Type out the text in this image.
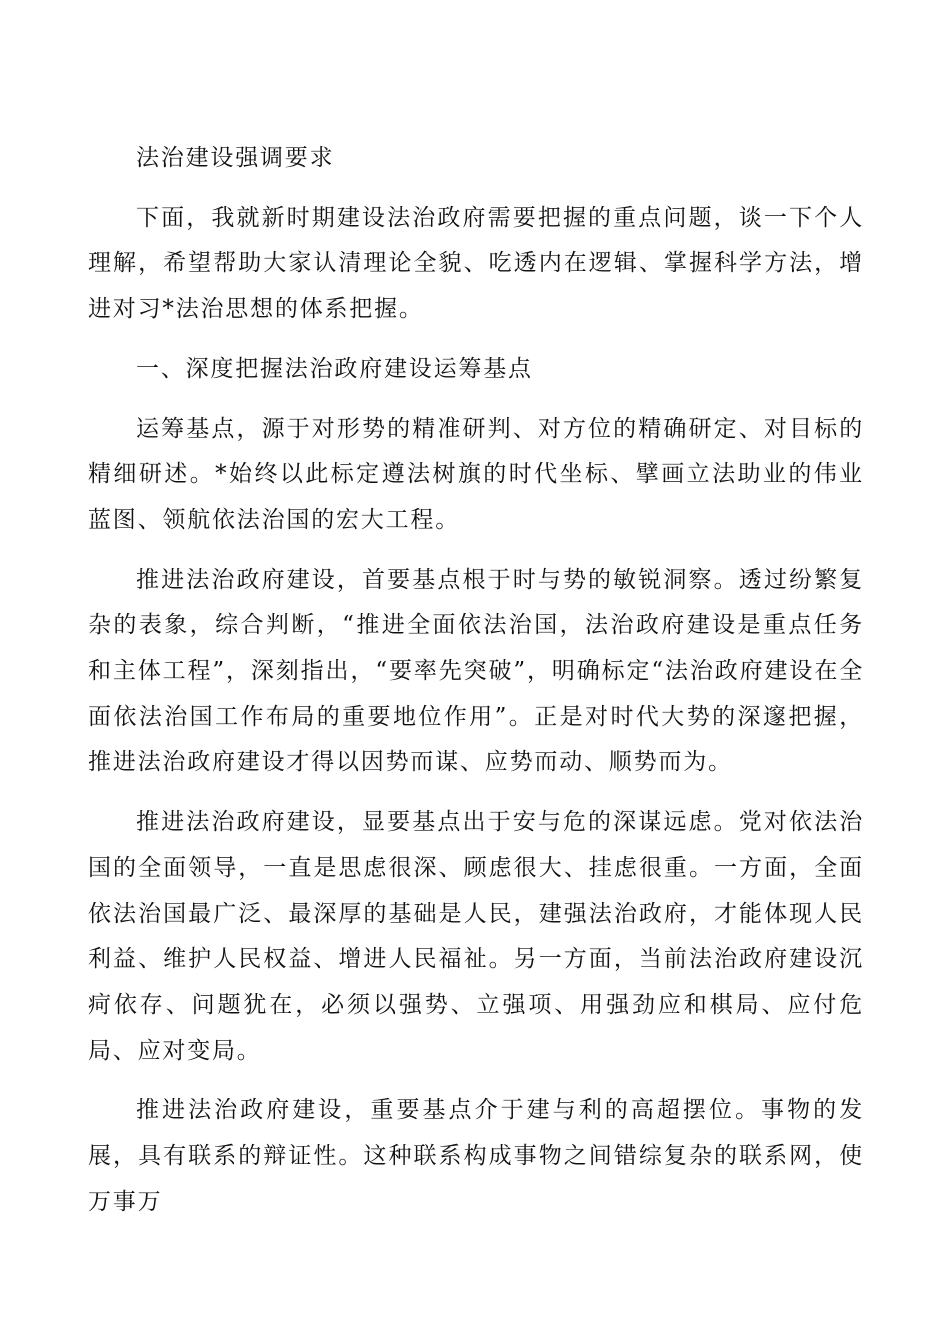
法治建设强调要求

下面，我就新时期建设法治政府需要把握的重点问题，谈一下个人理解，希望帮助大家认清理论全貌、吃透内在逻辑、掌握科学方法，增进对习*法治思想的体系把握。

一、深度把握法治政府建设运筹基点

运筹基点，源于对形势的精准研判、对方位的精确研定、对目标的精细研述。*始终以此标定遵法树旗的时代坐标、擘画立法助业的伟业蓝图、领航依法治国的宏大工程。

推进法治政府建设，首要基点根于时与势的敏锐洞察。透过纷繁复杂的表象，综合判断，“推进全面依法治国，法治政府建设是重点任务和主体工程”，深刻指出，“要率先突破”，明确标定“法治政府建设在全面依法治国工作布局的重要地位作用”。正是对时代大势的深邃把握，推进法治政府建设才得以因势而谋、应势而动、顺势而为。

推进法治政府建设，显要基点出于安与危的深谋远虑。党对依法治国的全面领导，一直是思虑很深、顾虑很大、挂虑很重。一方面，全面依法治国最广泛、最深厚的基础是人民，建强法治政府，才能体现人民利益、维护人民权益、增进人民福祉。另一方面，当前法治政府建设沉疴依存、问题犹在，必须以强势、立强项、用强劲应和棋局、应付危局、应对变局。

推进法治政府建设，重要基点介于建与利的高超摆位。事物的发展，具有联系的辩证性。这种联系构成事物之间错综复杂的联系网，使万事万
